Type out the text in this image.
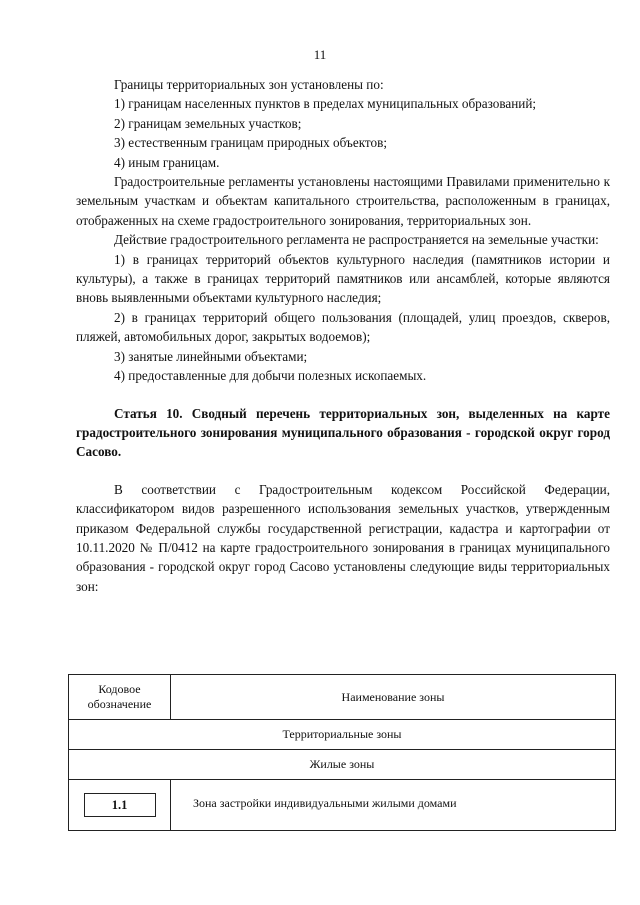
11

Границы территориальных зон установлены по:

1) границам населенных пунктов в пределах муниципальных образований;

2) границам земельных участков;

3) естественным границам природных объектов;

4) иным границам.

Градостроительные регламенты установлены настоящими Правилами применительно к земельным участкам и объектам капитального строительства, расположенным в границах, отображенных на схеме градостроительного зонирования, территориальных зон.

Действие градостроительного регламента не распространяется на земельные участки:

1) в границах территорий объектов культурного наследия (памятников истории и культуры), а также в границах территорий памятников или ансамблей, которые являются вновь выявленными объектами культурного наследия;

2) в границах территорий общего пользования (площадей, улиц проездов, скверов, пляжей, автомобильных дорог, закрытых водоемов);

3) занятые линейными объектами;

4) предоставленные для добычи полезных ископаемых.

Статья 10. Сводный перечень территориальных зон, выделенных на карте градостроительного зонирования муниципального образования - городской округ город Сасово.

В соответствии с Градостроительным кодексом Российской Федерации, классификатором видов разрешенного использования земельных участков, утвержденным приказом Федеральной службы государственной регистрации, кадастра и картографии от 10.11.2020 № П/0412 на карте градостроительного зонирования в границах муниципального образования - городской округ город Сасово установлены следующие виды территориальных зон:

Кодовое
обозначение	Наименование зоны
Территориальные зоны	
Жилые зоны	
1.1	Зона застройки индивидуальными жилыми домами
